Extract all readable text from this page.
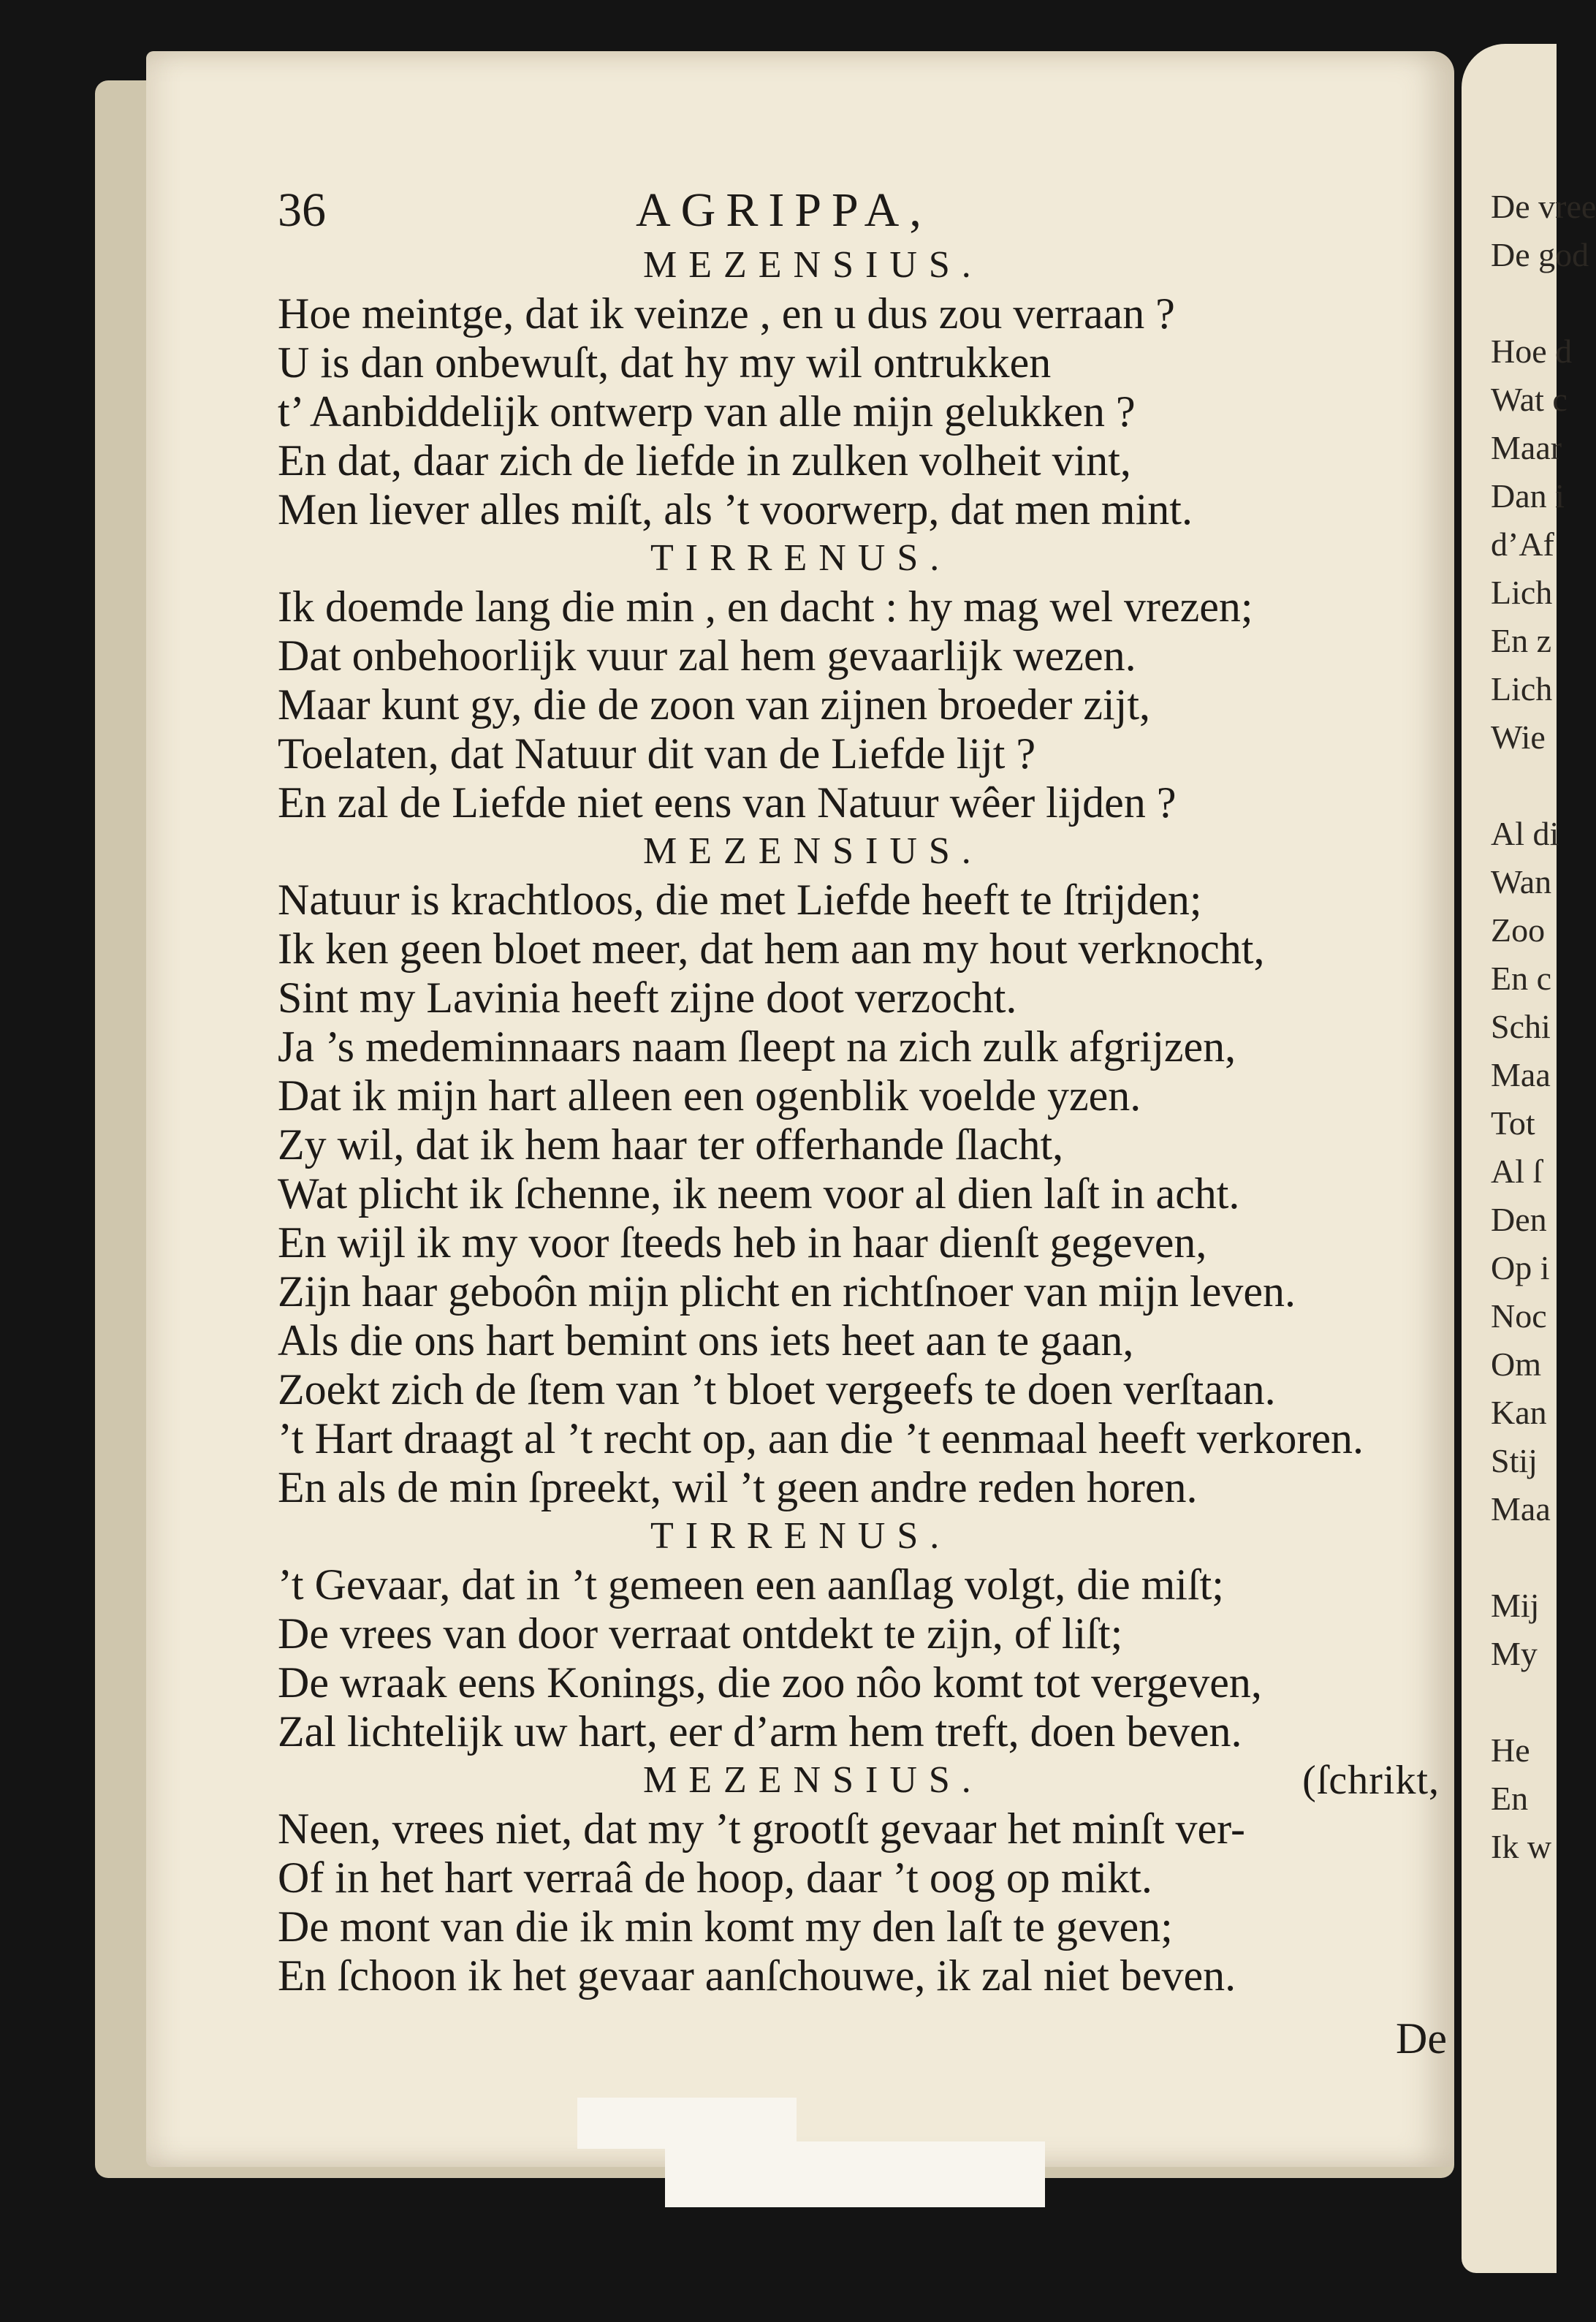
De vree
De god

Hoe d
Wat c
Maar
Dan i
d’Af
Lich
En z
Lich
Wie

Al di
Wan
Zoo
En c
Schi
Maa
Tot
Al ſ
Den
Op i
Noc
Om
Kan
Stij
Maa

Mij
My

He
En
Ik w
36	AGRIPPA,
MEZENSIUS.
Hoe meintge, dat ik veinze , en u dus zou verraan ?
U is dan onbewuſt, dat hy my wil ontrukken
t’ Aanbiddelijk ontwerp van alle mijn gelukken ?
En dat, daar zich de liefde in zulken volheit vint,
Men liever alles miſt, als ’t voorwerp, dat men mint.
TIRRENUS.
Ik doemde lang die min , en dacht : hy mag wel vrezen;
Dat onbehoorlijk vuur zal hem gevaarlijk wezen.
Maar kunt gy, die de zoon van zijnen broeder zijt,
Toelaten, dat Natuur dit van de Liefde lijt ?
En zal de Liefde niet eens van Natuur wêer lijden ?
MEZENSIUS.
Natuur is krachtloos, die met Liefde heeft te ſtrijden;
Ik ken geen bloet meer, dat hem aan my hout verknocht,
Sint my Lavinia heeft zijne doot verzocht.
Ja ’s medeminnaars naam ſleept na zich zulk afgrijzen,
Dat ik mijn hart alleen een ogenblik voelde yzen.
Zy wil, dat ik hem haar ter offerhande ſlacht,
Wat plicht ik ſchenne, ik neem voor al dien laſt in acht.
En wijl ik my voor ſteeds heb in haar dienſt gegeven,
Zijn haar geboôn mijn plicht en richtſnoer van mijn leven.
Als die ons hart bemint ons iets heet aan te gaan,
Zoekt zich de ſtem van ’t bloet vergeefs te doen verſtaan.
’t Hart draagt al ’t recht op, aan die ’t eenmaal heeft verkoren.
En als de min ſpreekt, wil ’t geen andre reden horen.
TIRRENUS.
’t Gevaar, dat in ’t gemeen een aanſlag volgt, die miſt;
De vrees van door verraat ontdekt te zijn, of liſt;
De wraak eens Konings, die zoo nôo komt tot vergeven,
Zal lichtelijk uw hart, eer d’arm hem treft, doen beven.
MEZENSIUS.	(ſchrikt,
Neen, vrees niet, dat my ’t grootſt gevaar het minſt ver-
Of in het hart verraâ de hoop, daar ’t oog op mikt.
De mont van die ik min komt my den laſt te geven;
En ſchoon ik het gevaar aanſchouwe, ik zal niet beven.
De
